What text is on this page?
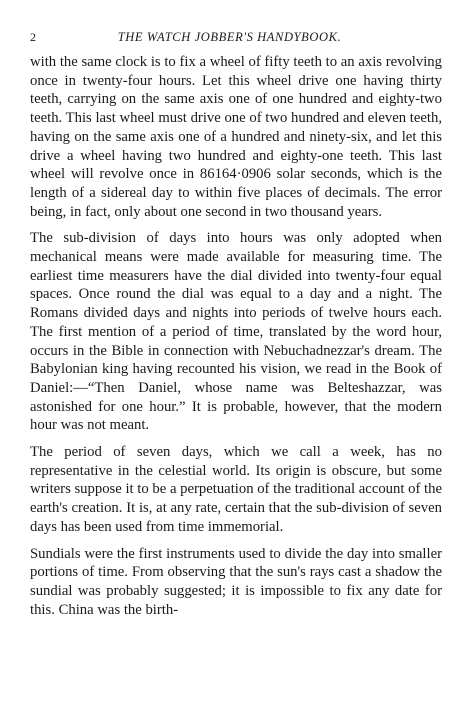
2	THE WATCH JOBBER'S HANDYBOOK.

with the same clock is to fix a wheel of fifty teeth to an axis revolving once in twenty-four hours. Let this wheel drive one having thirty teeth, carrying on the same axis one of one hundred and eighty-two teeth. This last wheel must drive one of two hundred and eleven teeth, having on the same axis one of a hundred and ninety-six, and let this drive a wheel having two hundred and eighty-one teeth. This last wheel will revolve once in 86164·0906 solar seconds, which is the length of a sidereal day to within five places of decimals. The error being, in fact, only about one second in two thousand years.

The sub-division of days into hours was only adopted when mechanical means were made available for measuring time. The earliest time measurers have the dial divided into twenty-four equal spaces. Once round the dial was equal to a day and a night. The Romans divided days and nights into periods of twelve hours each. The first mention of a period of time, translated by the word hour, occurs in the Bible in connection with Nebuchadnezzar's dream. The Babylonian king having recounted his vision, we read in the Book of Daniel:—“Then Daniel, whose name was Belteshazzar, was astonished for one hour.” It is probable, however, that the modern hour was not meant.

The period of seven days, which we call a week, has no representative in the celestial world. Its origin is obscure, but some writers suppose it to be a perpetuation of the traditional account of the earth's creation. It is, at any rate, certain that the sub-division of seven days has been used from time immemorial.

Sundials were the first instruments used to divide the day into smaller portions of time. From observing that the sun's rays cast a shadow the sundial was probably suggested; it is impossible to fix any date for this. China was the birth-
